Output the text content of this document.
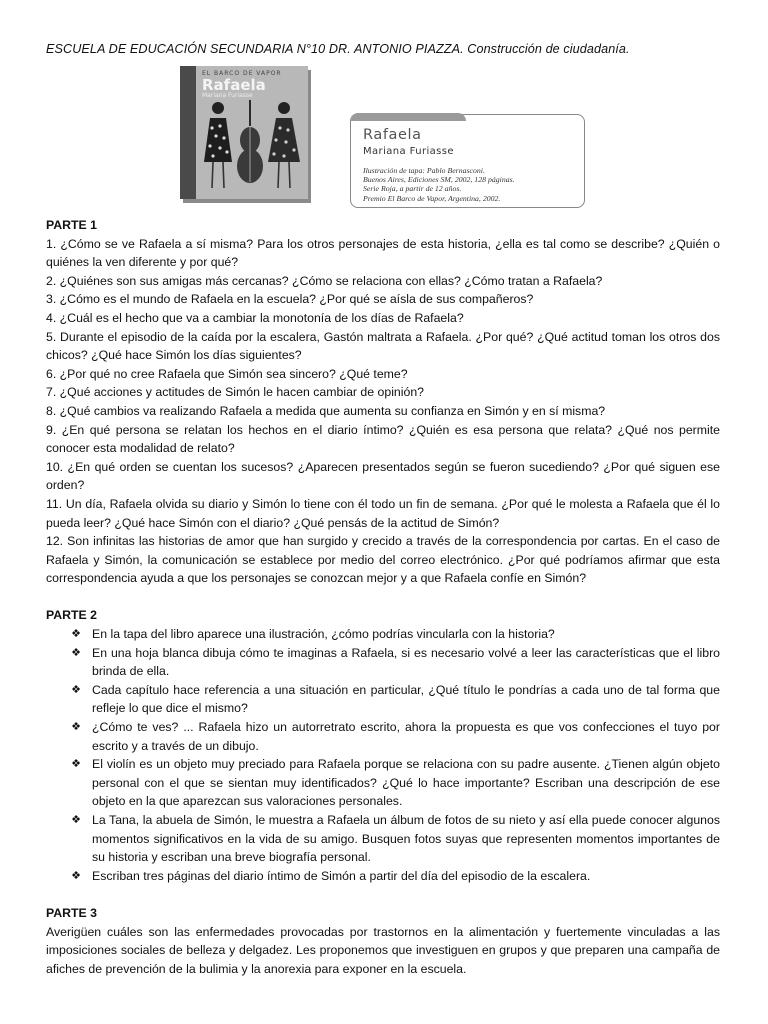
ESCUELA DE EDUCACIÓN SECUNDARIA N°10 DR. ANTONIO PIAZZA. Construcción de ciudadanía.
EL BARCO DE VAPOR
Rafaela
Mariana Furiasse
Rafaela
Mariana Furiasse
Ilustración de tapa: Pablo Bernasconi.
Buenos Aires, Ediciones SM, 2002, 128 páginas.
Serie Roja, a partir de 12 años.
Premio El Barco de Vapor, Argentina, 2002.
PARTE 1
1. ¿Cómo se ve Rafaela a sí misma? Para los otros personajes de esta historia, ¿ella es tal como se describe? ¿Quién o quiénes la ven diferente y por qué?
2. ¿Quiénes son sus amigas más cercanas? ¿Cómo se relaciona con ellas? ¿Cómo tratan a Rafaela?
3. ¿Cómo es el mundo de Rafaela en la escuela? ¿Por qué se aísla de sus compañeros?
4. ¿Cuál es el hecho que va a cambiar la monotonía de los días de Rafaela?
5. Durante el episodio de la caída por la escalera, Gastón maltrata a Rafaela. ¿Por qué? ¿Qué actitud toman los otros dos chicos? ¿Qué hace Simón los días siguientes?
6. ¿Por qué no cree Rafaela que Simón sea sincero? ¿Qué teme?
7. ¿Qué acciones y actitudes de Simón le hacen cambiar de opinión?
8. ¿Qué cambios va realizando Rafaela a medida que aumenta su confianza en Simón y en sí misma?
9. ¿En qué persona se relatan los hechos en el diario íntimo? ¿Quién es esa persona que relata? ¿Qué nos permite conocer esta modalidad de relato?
10. ¿En qué orden se cuentan los sucesos? ¿Aparecen presentados según se fueron sucediendo? ¿Por qué siguen ese orden?
11. Un día, Rafaela olvida su diario y Simón lo tiene con él todo un fin de semana. ¿Por qué le molesta a Rafaela que él lo pueda leer? ¿Qué hace Simón con el diario? ¿Qué pensás de la actitud de Simón?
12. Son infinitas las historias de amor que han surgido y crecido a través de la correspondencia por cartas. En el caso de Rafaela y Simón, la comunicación se establece por medio del correo electrónico. ¿Por qué podríamos afirmar que esta correspondencia ayuda a que los personajes se conozcan mejor y a que Rafaela confíe en Simón?
PARTE 2
❖ En la tapa del libro aparece una ilustración, ¿cómo podrías vincularla con la historia?
❖ En una hoja blanca dibuja cómo te imaginas a Rafaela, si es necesario volvé a leer las características que el libro brinda de ella.
❖ Cada capítulo hace referencia a una situación en particular, ¿Qué título le pondrías a cada uno de tal forma que refleje lo que dice el mismo?
❖ ¿Cómo te ves? ... Rafaela hizo un autorretrato escrito, ahora la propuesta es que vos confecciones el tuyo por escrito y a través de un dibujo.
❖ El violín es un objeto muy preciado para Rafaela porque se relaciona con su padre ausente. ¿Tienen algún objeto personal con el que se sientan muy identificados? ¿Qué lo hace importante? Escriban una descripción de ese objeto en la que aparezcan sus valoraciones personales.
❖ La Tana, la abuela de Simón, le muestra a Rafaela un álbum de fotos de su nieto y así ella puede conocer algunos momentos significativos en la vida de su amigo. Busquen fotos suyas que representen momentos importantes de su historia y escriban una breve biografía personal.
❖ Escriban tres páginas del diario íntimo de Simón a partir del día del episodio de la escalera.
PARTE 3

Averigüen cuáles son las enfermedades provocadas por trastornos en la alimentación y fuertemente vinculadas a las imposiciones sociales de belleza y delgadez. Les proponemos que investiguen en grupos y que preparen una campaña de afiches de prevención de la bulimia y la anorexia para exponer en la escuela.
